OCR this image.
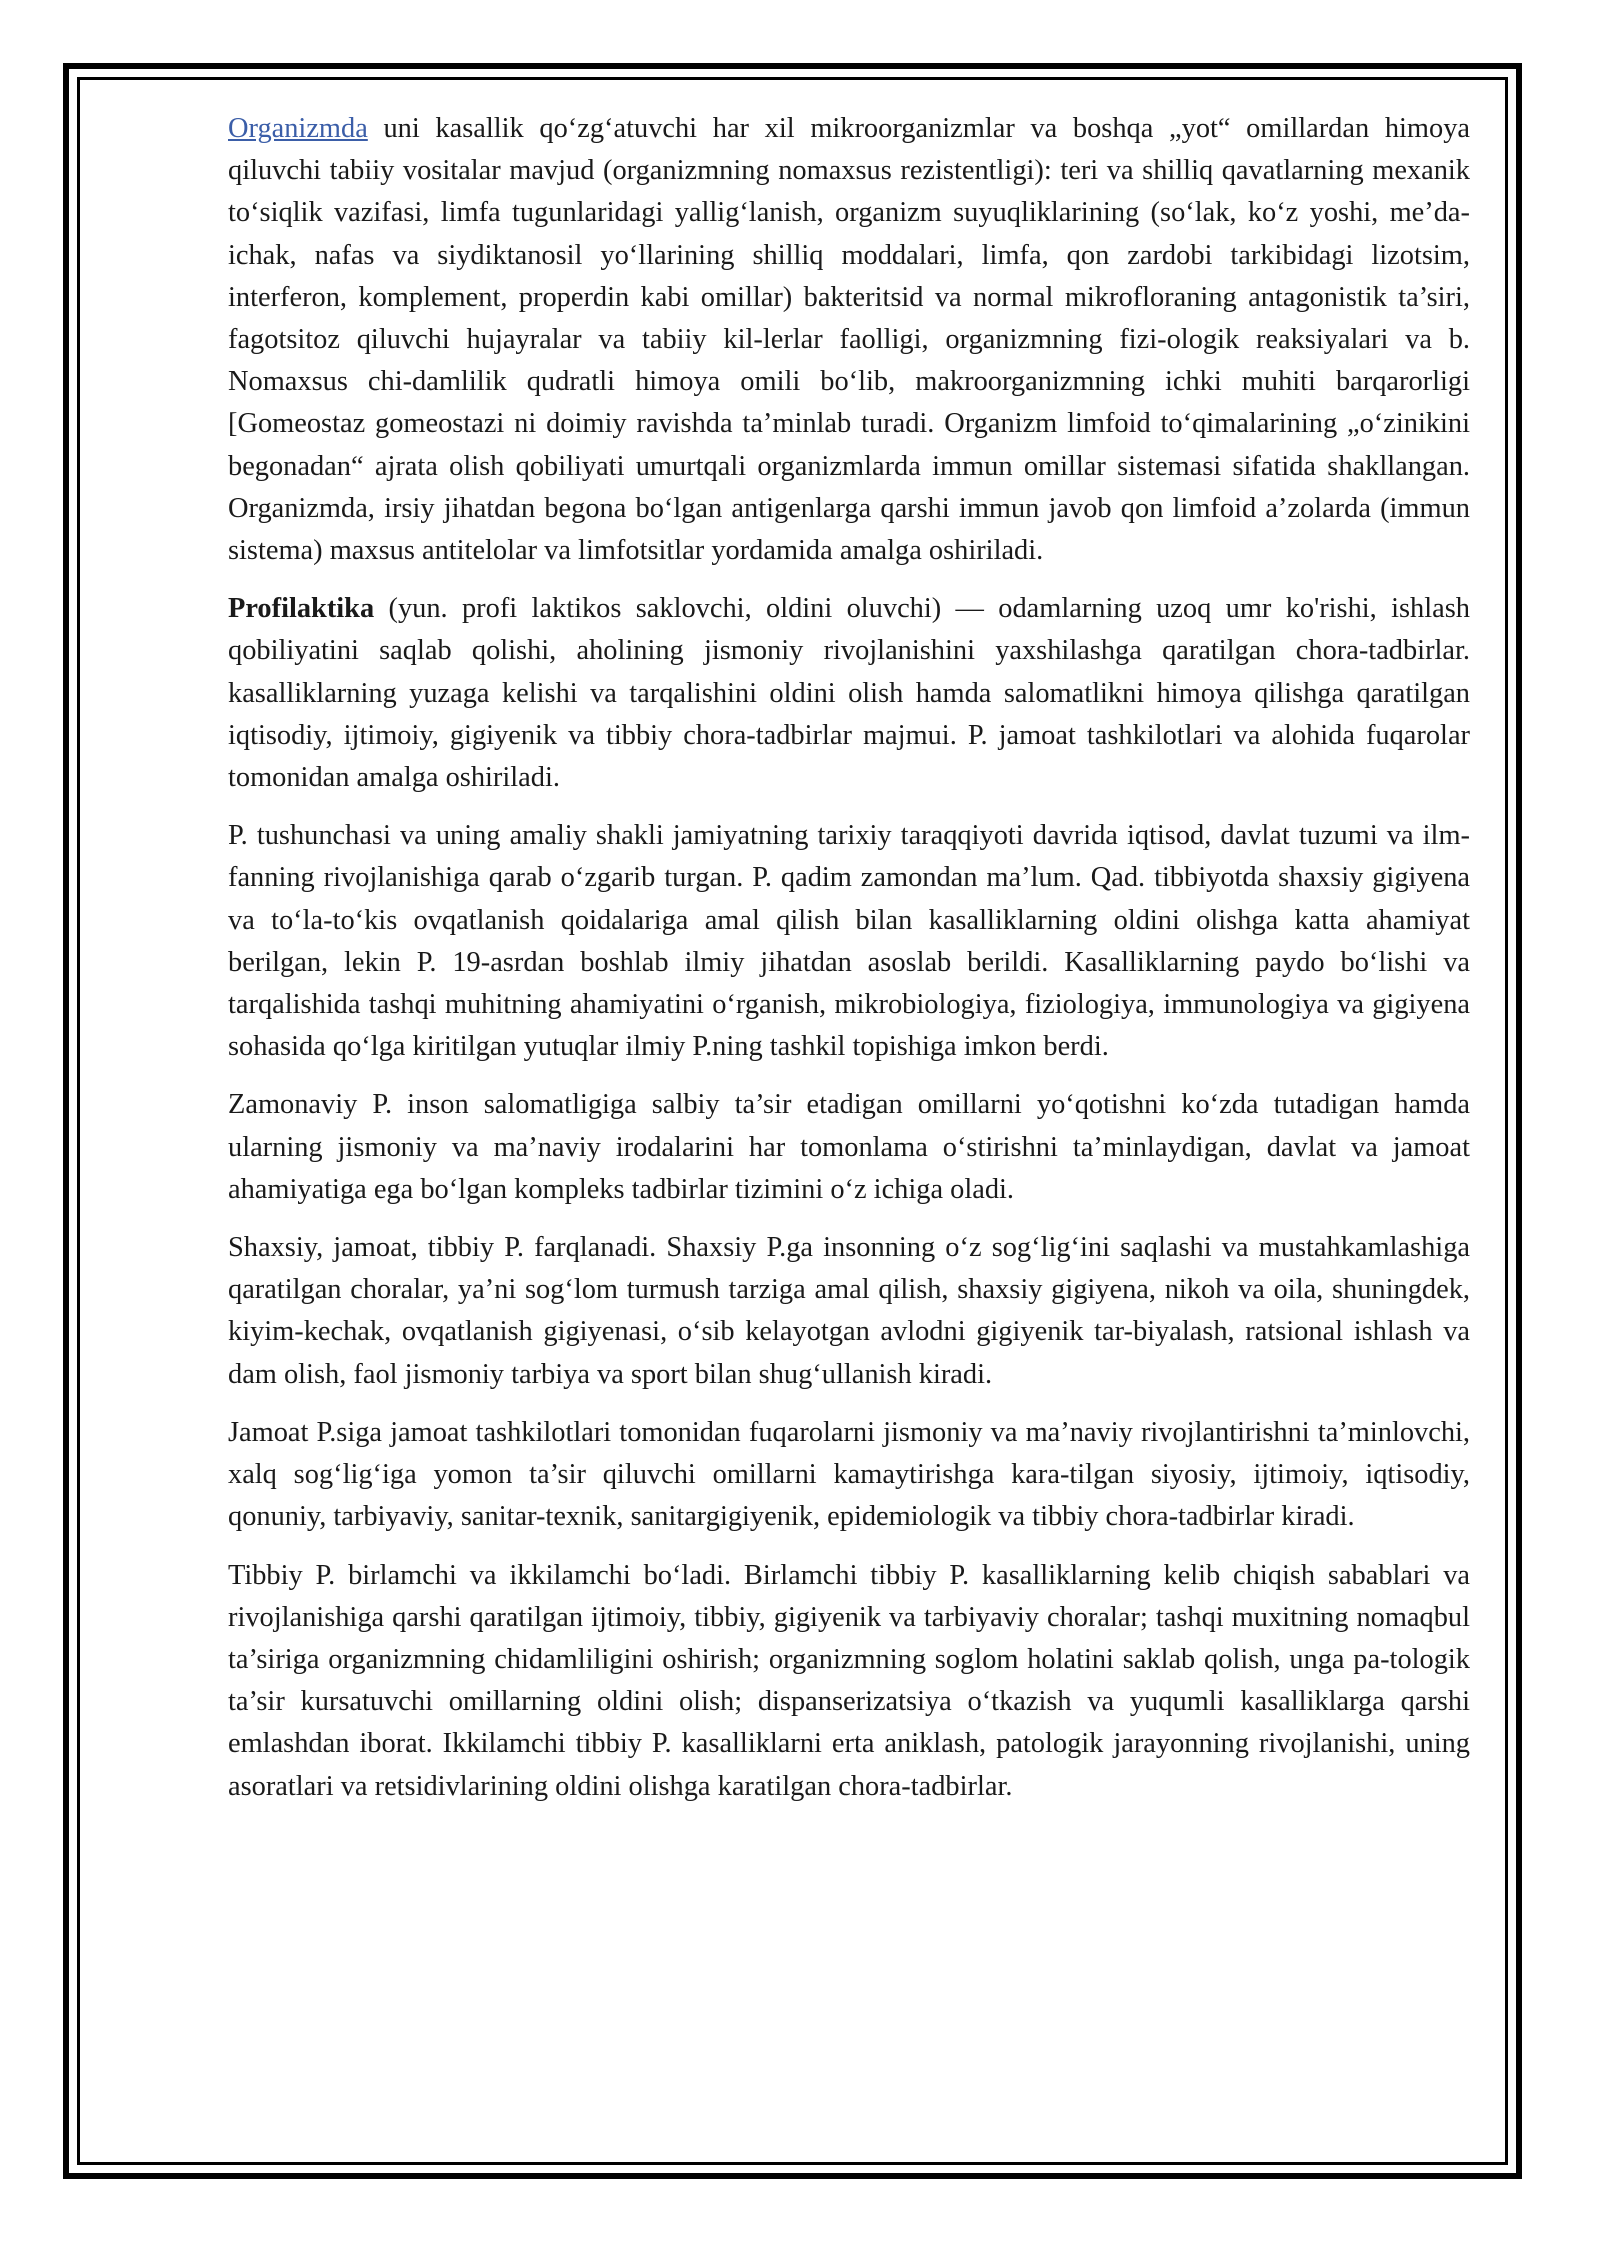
Organizmda uni kasallik qo‘zg‘atuvchi har xil mikroorganizmlar va boshqa „yot“ omillardan himoya qiluvchi tabiiy vositalar mavjud (organizmning nomaxsus rezistentligi): teri va shilliq qavatlarning mexanik to‘siqlik vazifasi, limfa tugunlaridagi yallig‘lanish, organizm suyuqliklarining (so‘lak, ko‘z yoshi, me’da-ichak, nafas va siydiktanosil yo‘llarining shilliq moddalari, limfa, qon zardobi tarkibidagi lizotsim, interferon, komplement, properdin kabi omillar) bakteritsid va normal mikrofloraning antagonistik ta’siri, fagotsitoz qiluvchi hujayralar va tabiiy kil-lerlar faolligi, organizmning fizi-ologik reaksiyalari va b. Nomaxsus chi-damlilik qudratli himoya omili bo‘lib, makroorganizmning ichki muhiti barqarorligi [Gomeostaz gomeostazi ni doimiy ravishda ta’minlab turadi. Organizm limfoid to‘qimalarining „o‘zinikini begonadan“ ajrata olish qobiliyati umurtqali organizmlarda immun omillar sistemasi sifatida shakllangan. Organizmda, irsiy jihatdan begona bo‘lgan antigenlarga qarshi immun javob qon limfoid a’zolarda (immun sistema) maxsus antitelolar va limfotsitlar yordamida amalga oshiriladi.

Profilaktika (yun. profi laktikos saklovchi, oldini oluvchi) — odamlarning uzoq umr ko'rishi, ishlash qobiliyatini saqlab qolishi, aholining jismoniy rivojlanishini yaxshilashga qaratilgan chora-tadbirlar. kasalliklarning yuzaga kelishi va tarqalishini oldini olish hamda salomatlikni himoya qilishga qaratilgan iqtisodiy, ijtimoiy, gigiyenik va tibbiy chora-tadbirlar majmui. P. jamoat tashkilotlari va alohida fuqarolar tomonidan amalga oshiriladi.

P. tushunchasi va uning amaliy shakli jamiyatning tarixiy taraqqiyoti davrida iqtisod, davlat tuzumi va ilm-fanning rivojlanishiga qarab o‘zgarib turgan. P. qadim zamondan ma’lum. Qad. tibbiyotda shaxsiy gigiyena va to‘la-to‘kis ovqatlanish qoidalariga amal qilish bilan kasalliklarning oldini olishga katta ahamiyat berilgan, lekin P. 19-asrdan boshlab ilmiy jihatdan asoslab berildi. Kasalliklarning paydo bo‘lishi va tarqalishida tashqi muhitning ahamiyatini o‘rganish, mikrobiologiya, fiziologiya, immunologiya va gigiyena sohasida qo‘lga kiritilgan yutuqlar ilmiy P.ning tashkil topishiga imkon berdi.

Zamonaviy P. inson salomatligiga salbiy ta’sir etadigan omillarni yo‘qotishni ko‘zda tutadigan hamda ularning jismoniy va ma’naviy irodalarini har tomonlama o‘stirishni ta’minlaydigan, davlat va jamoat ahamiyatiga ega bo‘lgan kompleks tadbirlar tizimini o‘z ichiga oladi.

Shaxsiy, jamoat, tibbiy P. farqlanadi. Shaxsiy P.ga insonning o‘z sog‘lig‘ini saqlashi va mustahkamlashiga qaratilgan choralar, ya’ni sog‘lom turmush tarziga amal qilish, shaxsiy gigiyena, nikoh va oila, shuningdek, kiyim-kechak, ovqatlanish gigiyenasi, o‘sib kelayotgan avlodni gigiyenik tar-biyalash, ratsional ishlash va dam olish, faol jismoniy tarbiya va sport bilan shug‘ullanish kiradi.

Jamoat P.siga jamoat tashkilotlari tomonidan fuqarolarni jismoniy va ma’naviy rivojlantirishni ta’minlovchi, xalq sog‘lig‘iga yomon ta’sir qiluvchi omillarni kamaytirishga kara-tilgan siyosiy, ijtimoiy, iqtisodiy, qonuniy, tarbiyaviy, sanitar-texnik, sanitargigiyenik, epidemiologik va tibbiy chora-tadbirlar kiradi.

Tibbiy P. birlamchi va ikkilamchi bo‘ladi. Birlamchi tibbiy P. kasalliklarning kelib chiqish sabablari va rivojlanishiga qarshi qaratilgan ijtimoiy, tibbiy, gigiyenik va tarbiyaviy choralar; tashqi muxitning nomaqbul ta’siriga organizmning chidamliligini oshirish; organizmning soglom holatini saklab qolish, unga pa-tologik ta’sir kursatuvchi omillarning oldini olish; dispanserizatsiya o‘tkazish va yuqumli kasalliklarga qarshi emlashdan iborat. Ikkilamchi tibbiy P. kasalliklarni erta aniklash, patologik jarayonning rivojlanishi, uning asoratlari va retsidivlarining oldini olishga karatilgan chora-tadbirlar.
